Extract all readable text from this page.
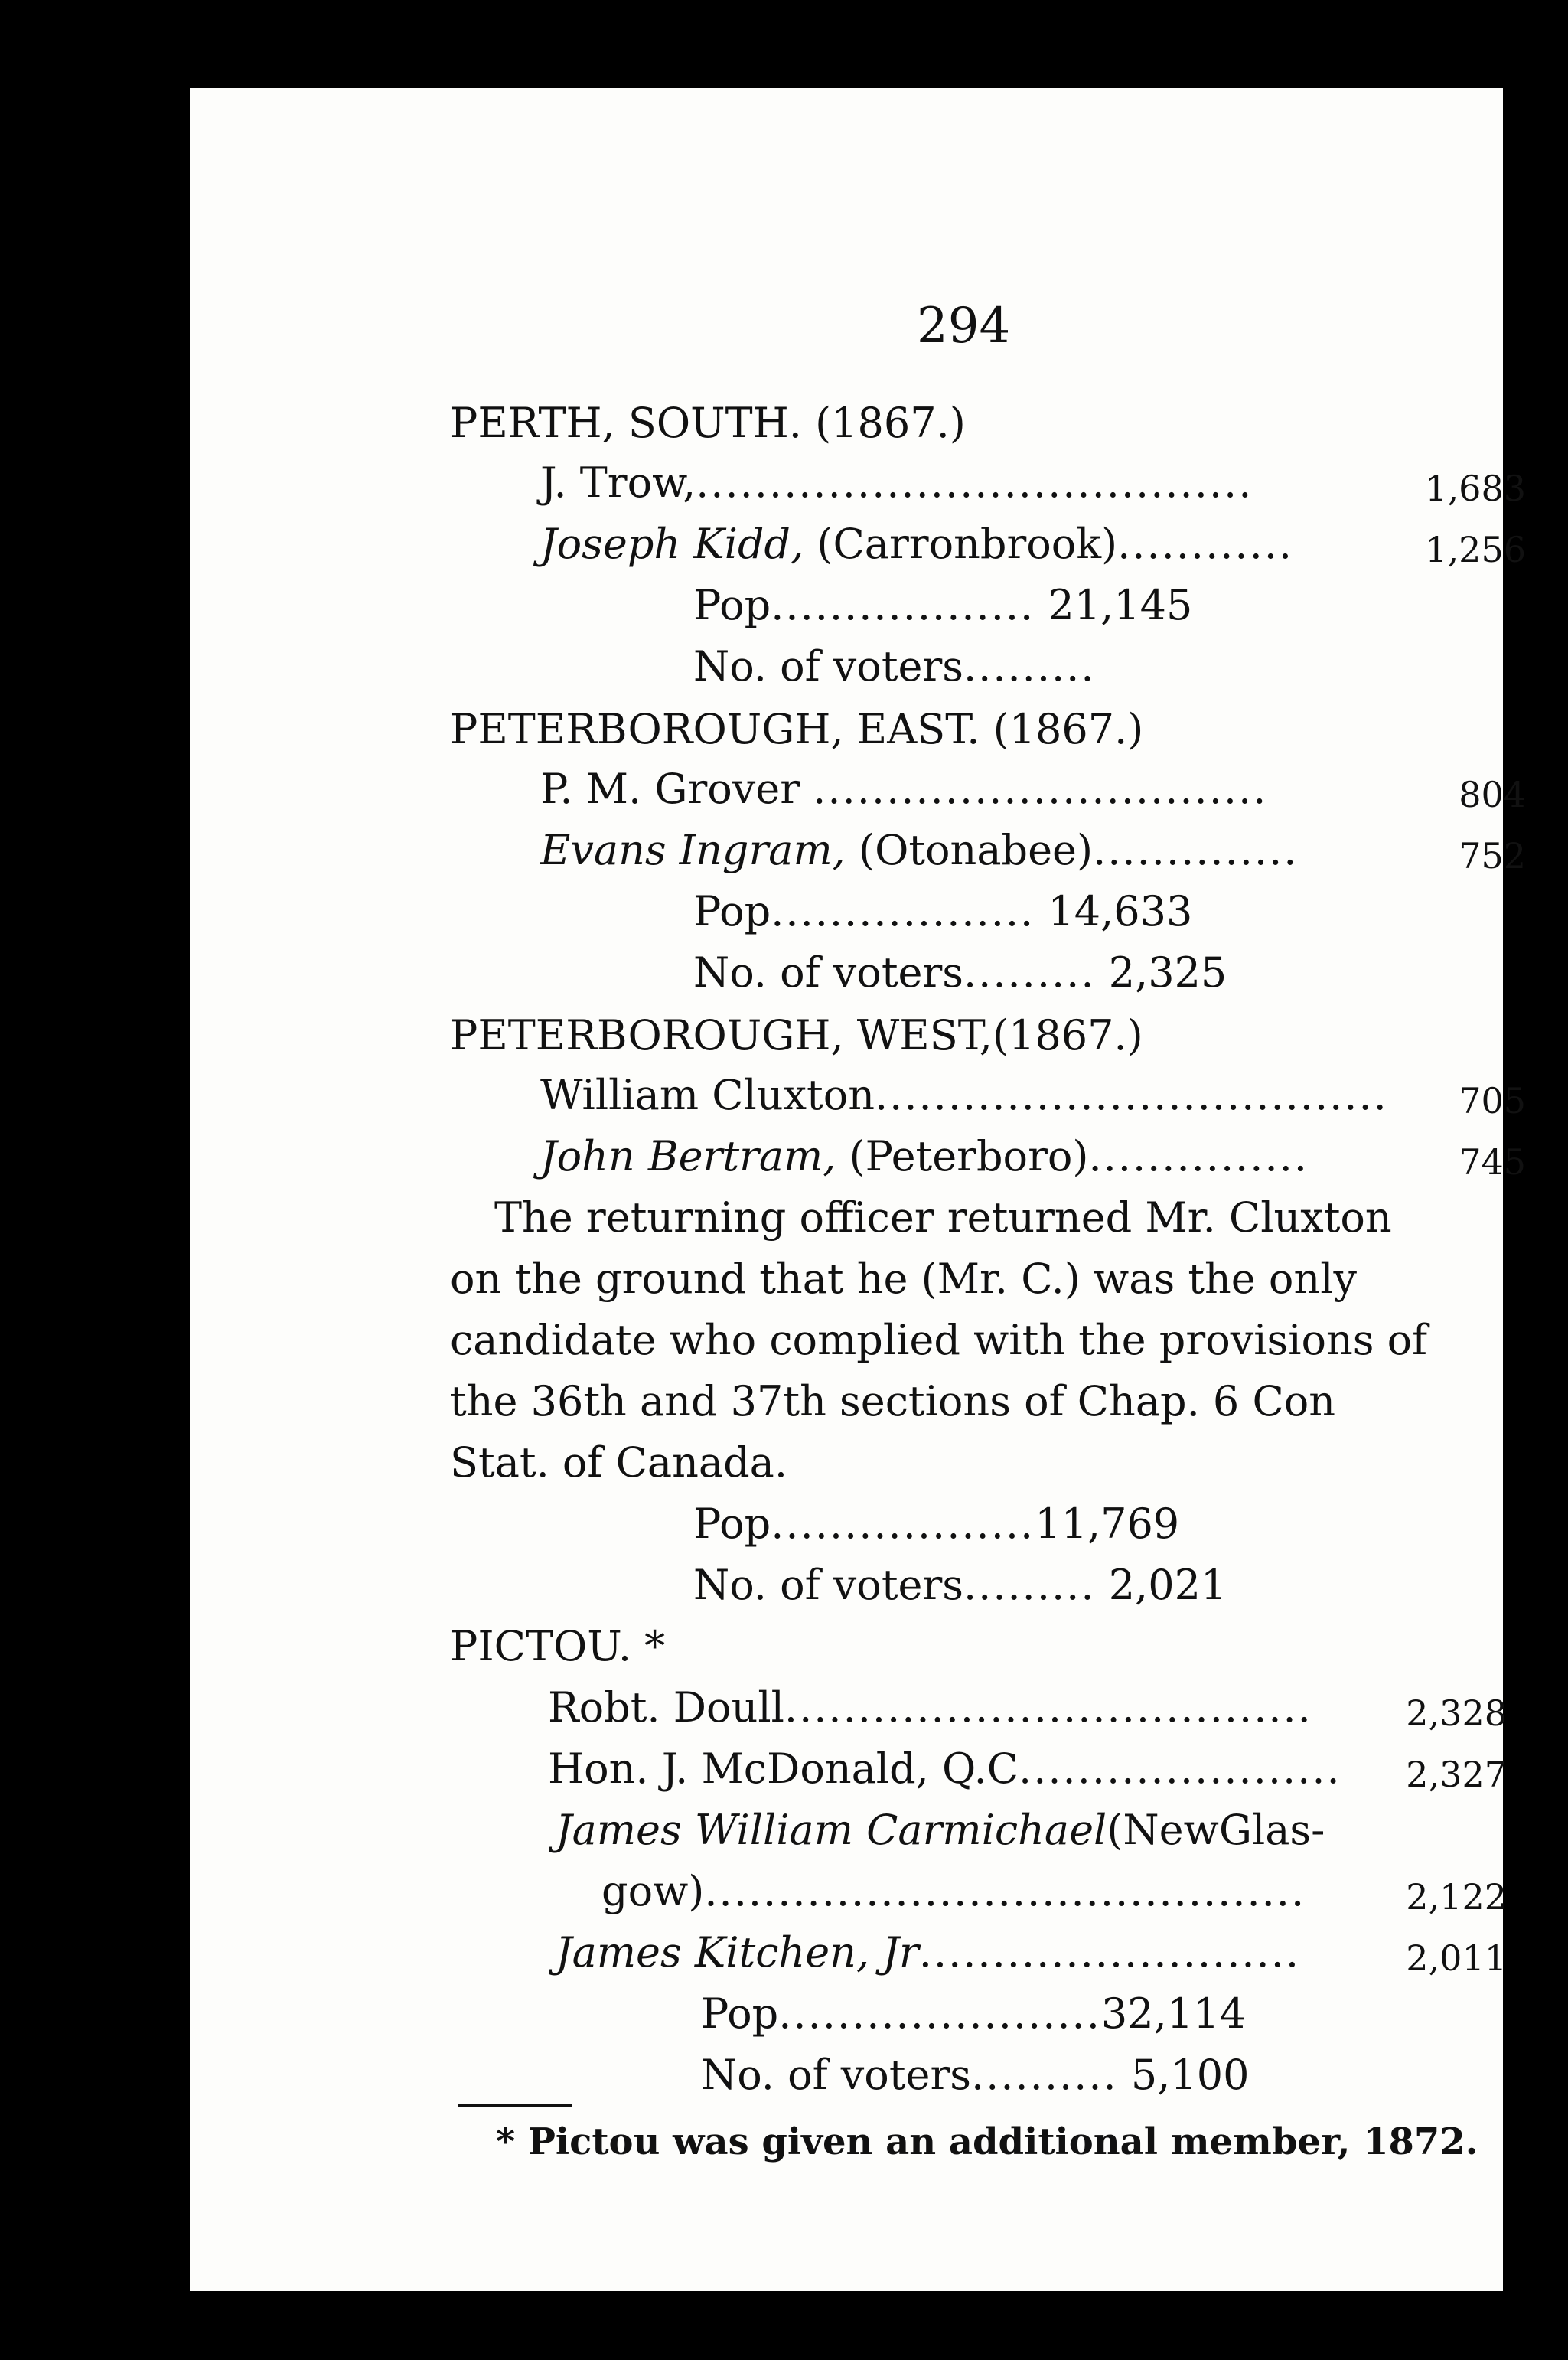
294
PERTH, SOUTH. (1867.)
J. Trow,......................................	1,683
Joseph Kidd, (Carronbrook)............	1,256
Pop.................. 21,145
No. of voters.........
PETERBOROUGH, EAST. (1867.)
P. M. Grover ...............................	804
Evans Ingram, (Otonabee)..............	752
Pop.................. 14,633
No. of voters......... 2,325
PETERBOROUGH, WEST,(1867.)
William Cluxton................................... 705
John Bertram, (Peterboro)...............	745
The returning officer returned Mr. Cluxton
on the ground that he (Mr. C.) was the only
candidate who complied with the provisions of
the 36th and 37th sections of Chap. 6 Con
Stat. of Canada.
Pop..................11,769
No. of voters......... 2,021
PICTOU. *
Robt. Doull....................................	2,328
Hon. J. McDonald, Q.C...................... 2,327
James William Carmichael(NewGlas-
gow).........................................	2,122
James Kitchen, Jr..........................	2,011
Pop......................32,114
No. of voters.......... 5,100
* Pictou was given an additional member, 1872.
